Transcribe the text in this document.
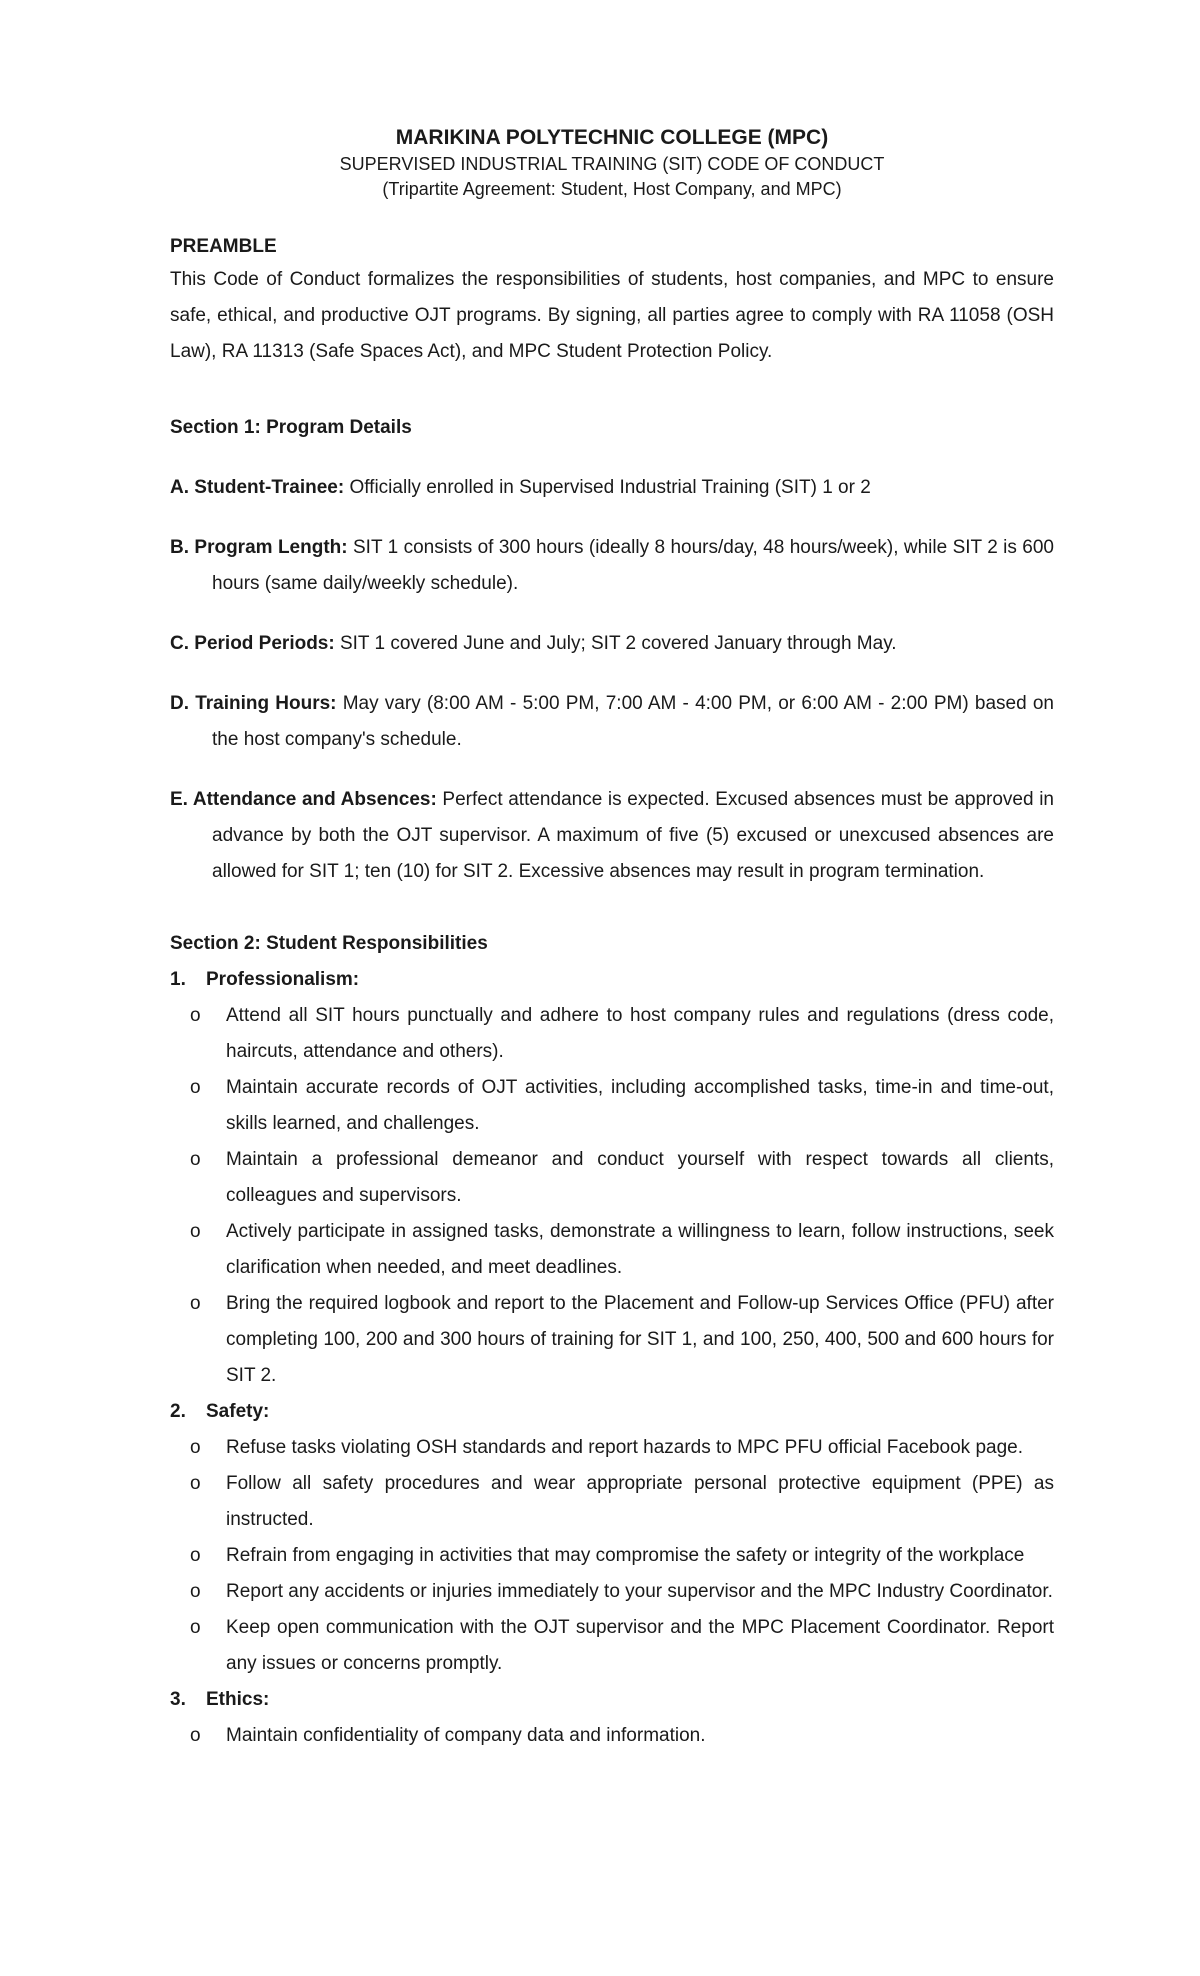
MARIKINA POLYTECHNIC COLLEGE (MPC)
SUPERVISED INDUSTRIAL TRAINING (SIT) CODE OF CONDUCT
(Tripartite Agreement: Student, Host Company, and MPC)
PREAMBLE
This Code of Conduct formalizes the responsibilities of students, host companies, and MPC to ensure safe, ethical, and productive OJT programs. By signing, all parties agree to comply with RA 11058 (OSH Law), RA 11313 (Safe Spaces Act), and MPC Student Protection Policy.
Section 1: Program Details
A. Student-Trainee: Officially enrolled in Supervised Industrial Training (SIT) 1 or 2
B. Program Length: SIT 1 consists of 300 hours (ideally 8 hours/day, 48 hours/week), while SIT 2 is 600 hours (same daily/weekly schedule).
C. Period Periods: SIT 1 covered June and July; SIT 2 covered January through May.
D. Training Hours: May vary (8:00 AM - 5:00 PM, 7:00 AM - 4:00 PM, or 6:00 AM - 2:00 PM) based on the host company's schedule.
E. Attendance and Absences: Perfect attendance is expected. Excused absences must be approved in advance by both the OJT supervisor. A maximum of five (5) excused or unexcused absences are allowed for SIT 1; ten (10) for SIT 2. Excessive absences may result in program termination.
Section 2: Student Responsibilities
1.	Professionalism:
o Attend all SIT hours punctually and adhere to host company rules and regulations (dress code, haircuts, attendance and others).
o Maintain accurate records of OJT activities, including accomplished tasks, time-in and time-out, skills learned, and challenges.
o Maintain a professional demeanor and conduct yourself with respect towards all clients, colleagues and supervisors.
o Actively participate in assigned tasks, demonstrate a willingness to learn, follow instructions, seek clarification when needed, and meet deadlines.
o Bring the required logbook and report to the Placement and Follow-up Services Office (PFU) after completing 100, 200 and 300 hours of training for SIT 1, and 100, 250, 400, 500 and 600 hours for SIT 2.
2.	Safety:
o Refuse tasks violating OSH standards and report hazards to MPC PFU official Facebook page.
o Follow all safety procedures and wear appropriate personal protective equipment (PPE) as instructed.
o Refrain from engaging in activities that may compromise the safety or integrity of the workplace
o Report any accidents or injuries immediately to your supervisor and the MPC Industry Coordinator.
o Keep open communication with the OJT supervisor and the MPC Placement Coordinator. Report any issues or concerns promptly.
3.	Ethics:
o Maintain confidentiality of company data and information.
